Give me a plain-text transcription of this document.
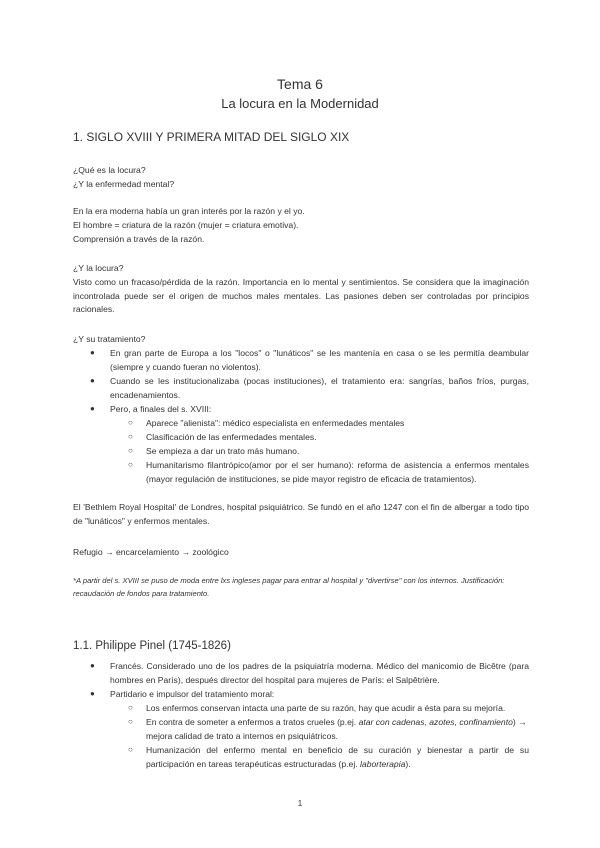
Tema 6
La locura en la Modernidad
1. SIGLO XVIII Y PRIMERA MITAD DEL SIGLO XIX
¿Qué es la locura?
¿Y la enfermedad mental?
En la era moderna había un gran interés por la razón y el yo.
El hombre = criatura de la razón (mujer = criatura emotiva).
Comprensión a través de la razón.
¿Y la locura?
Visto como un fracaso/pérdida de la razón. Importancia en lo mental y sentimientos. Se considera que la imaginación incontrolada puede ser el origen de muchos males mentales. Las pasiones deben ser controladas por principios racionales.
¿Y su tratamiento?
● En gran parte de Europa a los "locos" o "lunáticos" se les mantenía en casa o se les permitía deambular (siempre y cuando fueran no violentos).
● Cuando se les institucionalizaba (pocas instituciones), el tratamiento era: sangrías, baños fríos, purgas, encadenamientos.
● Pero, a finales del s. XVIII:
○ Aparece "alienista": médico especialista en enfermedades mentales
○ Clasificación de las enfermedades mentales.
○ Se empieza a dar un trato más humano.
○ Humanitarismo filantrópico(amor por el ser humano): reforma de asistencia a enfermos mentales (mayor regulación de instituciones, se pide mayor registro de eficacia de tratamientos).
El 'Bethlem Royal Hospital' de Londres, hospital psiquiátrico. Se fundó en el año 1247 con el fin de albergar a todo tipo de "lunáticos" y enfermos mentales.
Refugio → encarcelamiento → zoológico
*A partir del s. XVIII se puso de moda entre lxs ingleses pagar para entrar al hospital y "divertirse" con los internos. Justificación: recaudación de fondos para tratamiento.
1.1. Philippe Pinel (1745-1826)
● Francés. Considerado uno de los padres de la psiquiatría moderna. Médico del manicomio de Bicêtre (para hombres en París), después director del hospital para mujeres de París: el Salpêtrière.
● Partidario e impulsor del tratamiento moral:
○ Los enfermos conservan intacta una parte de su razón, hay que acudir a ésta para su mejoría.
○ En contra de someter a enfermos a tratos crueles (p.ej. atar con cadenas, azotes, confinamiento) → mejora calidad de trato a internos en psiquiátricos.
○ Humanización del enfermo mental en beneficio de su curación y bienestar a partir de su participación en tareas terapéuticas estructuradas (p.ej. laborterapia).
1
